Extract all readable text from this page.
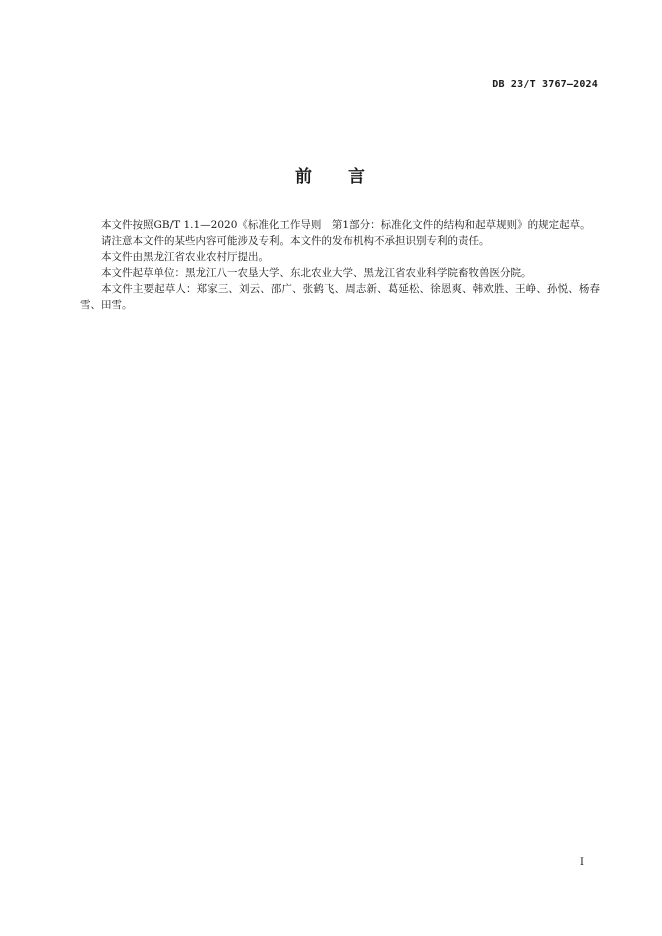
DB 23/T 3767—2024
前 言

本文件按照GB/T 1.1—2020《标准化工作导则　第1部分：标准化文件的结构和起草规则》的规定起草。

请注意本文件的某些内容可能涉及专利。本文件的发布机构不承担识别专利的责任。

本文件由黑龙江省农业农村厅提出。

本文件起草单位：黑龙江八一农垦大学、东北农业大学、黑龙江省农业科学院畜牧兽医分院。

本文件主要起草人：郑家三、刘云、邵广、张鹤飞、周志新、葛延松、徐恩爽、韩欢胜、王峥、孙悦、杨春雪、田雪。

I
